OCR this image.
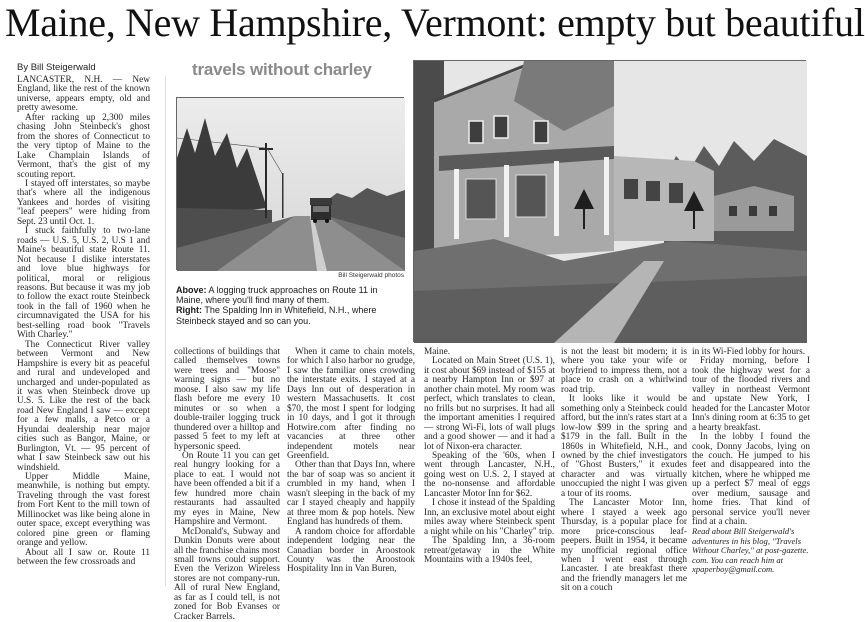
Maine, New Hampshire, Vermont: empty but beautiful
By Bill Steigerwald	travels without charley

LANCASTER, N.H. — New England, like the rest of the known universe, appears empty, old and pretty awesome.

After racking up 2,300 miles chasing John Steinbeck's ghost from the shores of Connecticut to the very tiptop of Maine to the Lake Champlain Islands of Vermont, that's the gist of my scouting report.

I stayed off interstates, so maybe that's where all the indigenous Yankees and hordes of visiting "leaf peepers" were hiding from Sept. 23 until Oct. 1.

I stuck faithfully to two-lane roads — U.S. 5, U.S. 2, U.S 1 and Maine's beautiful state Route 11. Not because I dislike interstates and love blue highways for political, moral or religious reasons. But because it was my job to follow the exact route Steinbeck took in the fall of 1960 when he circumnavigated the USA for his best-selling road book "Travels With Charley."

The Connecticut River valley between Vermont and New Hampshire is every bit as peaceful and rural and undeveloped and uncharged and under-populated as it was when Steinbeck drove up U.S. 5. Like the rest of the back road New England I saw — except for a few malls, a Petco or a Hyundai dealership near major cities such as Bangor, Maine, or Burlington, Vt. — 95 percent of what I saw Steinbeck saw out his windshield.

Upper Middle Maine, meanwhile, is nothing but empty. Traveling through the vast forest from Fort Kent to the mill town of Millinocket was like being alone in outer space, except everything was colored pine green or flaming orange and yellow.

About all I saw or. Route 11 between the few crossroads and

Bill Steigerwald photos
Above: A logging truck approaches on Route 11 in Maine, where you'll find many of them.
Right: The Spalding Inn in Whitefield, N.H., where Steinbeck stayed and so can you.

collections of buildings that called themselves towns were trees and "Moose" warning signs — but no moose. I also saw my life flash before me every 10 minutes or so when a double-trailer logging truck thundered over a hilltop and passed 5 feet to my left at hypersonic speed.

On Route 11 you can get real hungry looking for a place to eat. I would not have been offended a bit if a few hundred more chain restaurants had assaulted my eyes in Maine, New Hampshire and Vermont.

McDonald's, Subway and Dunkin Donuts were about all the franchise chains most small towns could support. Even the Verizon Wireless stores are not company-run. All of rural New England, as far as I could tell, is not zoned for Bob Evanses or Cracker Barrels.

When it came to chain motels, for which I also harbor no grudge, I saw the familiar ones crowding the interstate exits. I stayed at a Days Inn out of desperation in western Massachusetts. It cost $70, the most I spent for lodging in 10 days, and I got it through Hotwire.com after finding no vacancies at three other independent motels near Greenfield.

Other than that Days Inn, where the bar of soap was so ancient it crumbled in my hand, when I wasn't sleeping in the back of my car I stayed cheaply and happily at three mom & pop hotels. New England has hundreds of them.

A random choice for affordable independent lodging near the Canadian border in Aroostook County was the Aroostook Hospitality Inn in Van Buren,

Maine.

Located on Main Street (U.S. 1), it cost about $69 instead of $155 at a nearby Hampton Inn or $97 at another chain motel. My room was perfect, which translates to clean, no frills but no surprises. It had all the important amenities I required — strong Wi-Fi, lots of wall plugs and a good shower — and it had a lot of Nixon-era character.

Speaking of the '60s, when I went through Lancaster, N.H., going west on U.S. 2, I stayed at the no-nonsense and affordable Lancaster Motor Inn for $62.

I chose it instead of the Spalding Inn, an exclusive motel about eight miles away where Steinbeck spent a night while on his "Charley" trip.

The Spalding Inn, a 36-room retreat/getaway in the White Mountains with a 1940s feel,

is not the least bit modern; it is where you take your wife or boyfriend to impress them, not a place to crash on a whirlwind road trip.

It looks like it would be something only a Steinbeck could afford, but the inn's rates start at a low-low $99 in the spring and $179 in the fall. Built in the 1860s in Whitefield, N.H., and owned by the chief investigators of "Ghost Busters," it exudes character and was virtually unoccupied the night I was given a tour of its rooms.

The Lancaster Motor Inn, where I stayed a week ago Thursday, is a popular place for more price-conscious leaf-peepers. Built in 1954, it became my unofficial regional office when I went east through Lancaster. I ate breakfast there and the friendly managers let me sit on a couch

in its Wi-Fied lobby for hours.

Friday morning, before I took the highway west for a tour of the flooded rivers and valley in northeast Vermont and upstate New York, I headed for the Lancaster Motor Inn's dining room at 6:35 to get a hearty breakfast.

In the lobby I found the cook, Donny Jacobs, lying on the couch. He jumped to his feet and disappeared into the kitchen, where he whipped me up a perfect $7 meal of eggs over medium, sausage and home fries. That kind of personal service you'll never find at a chain.

Read about Bill Steigerwald's adventures in his blog, "Travels Without Charley," at post-gazette. com. You can reach him at xpaperboy@gmail.com.
